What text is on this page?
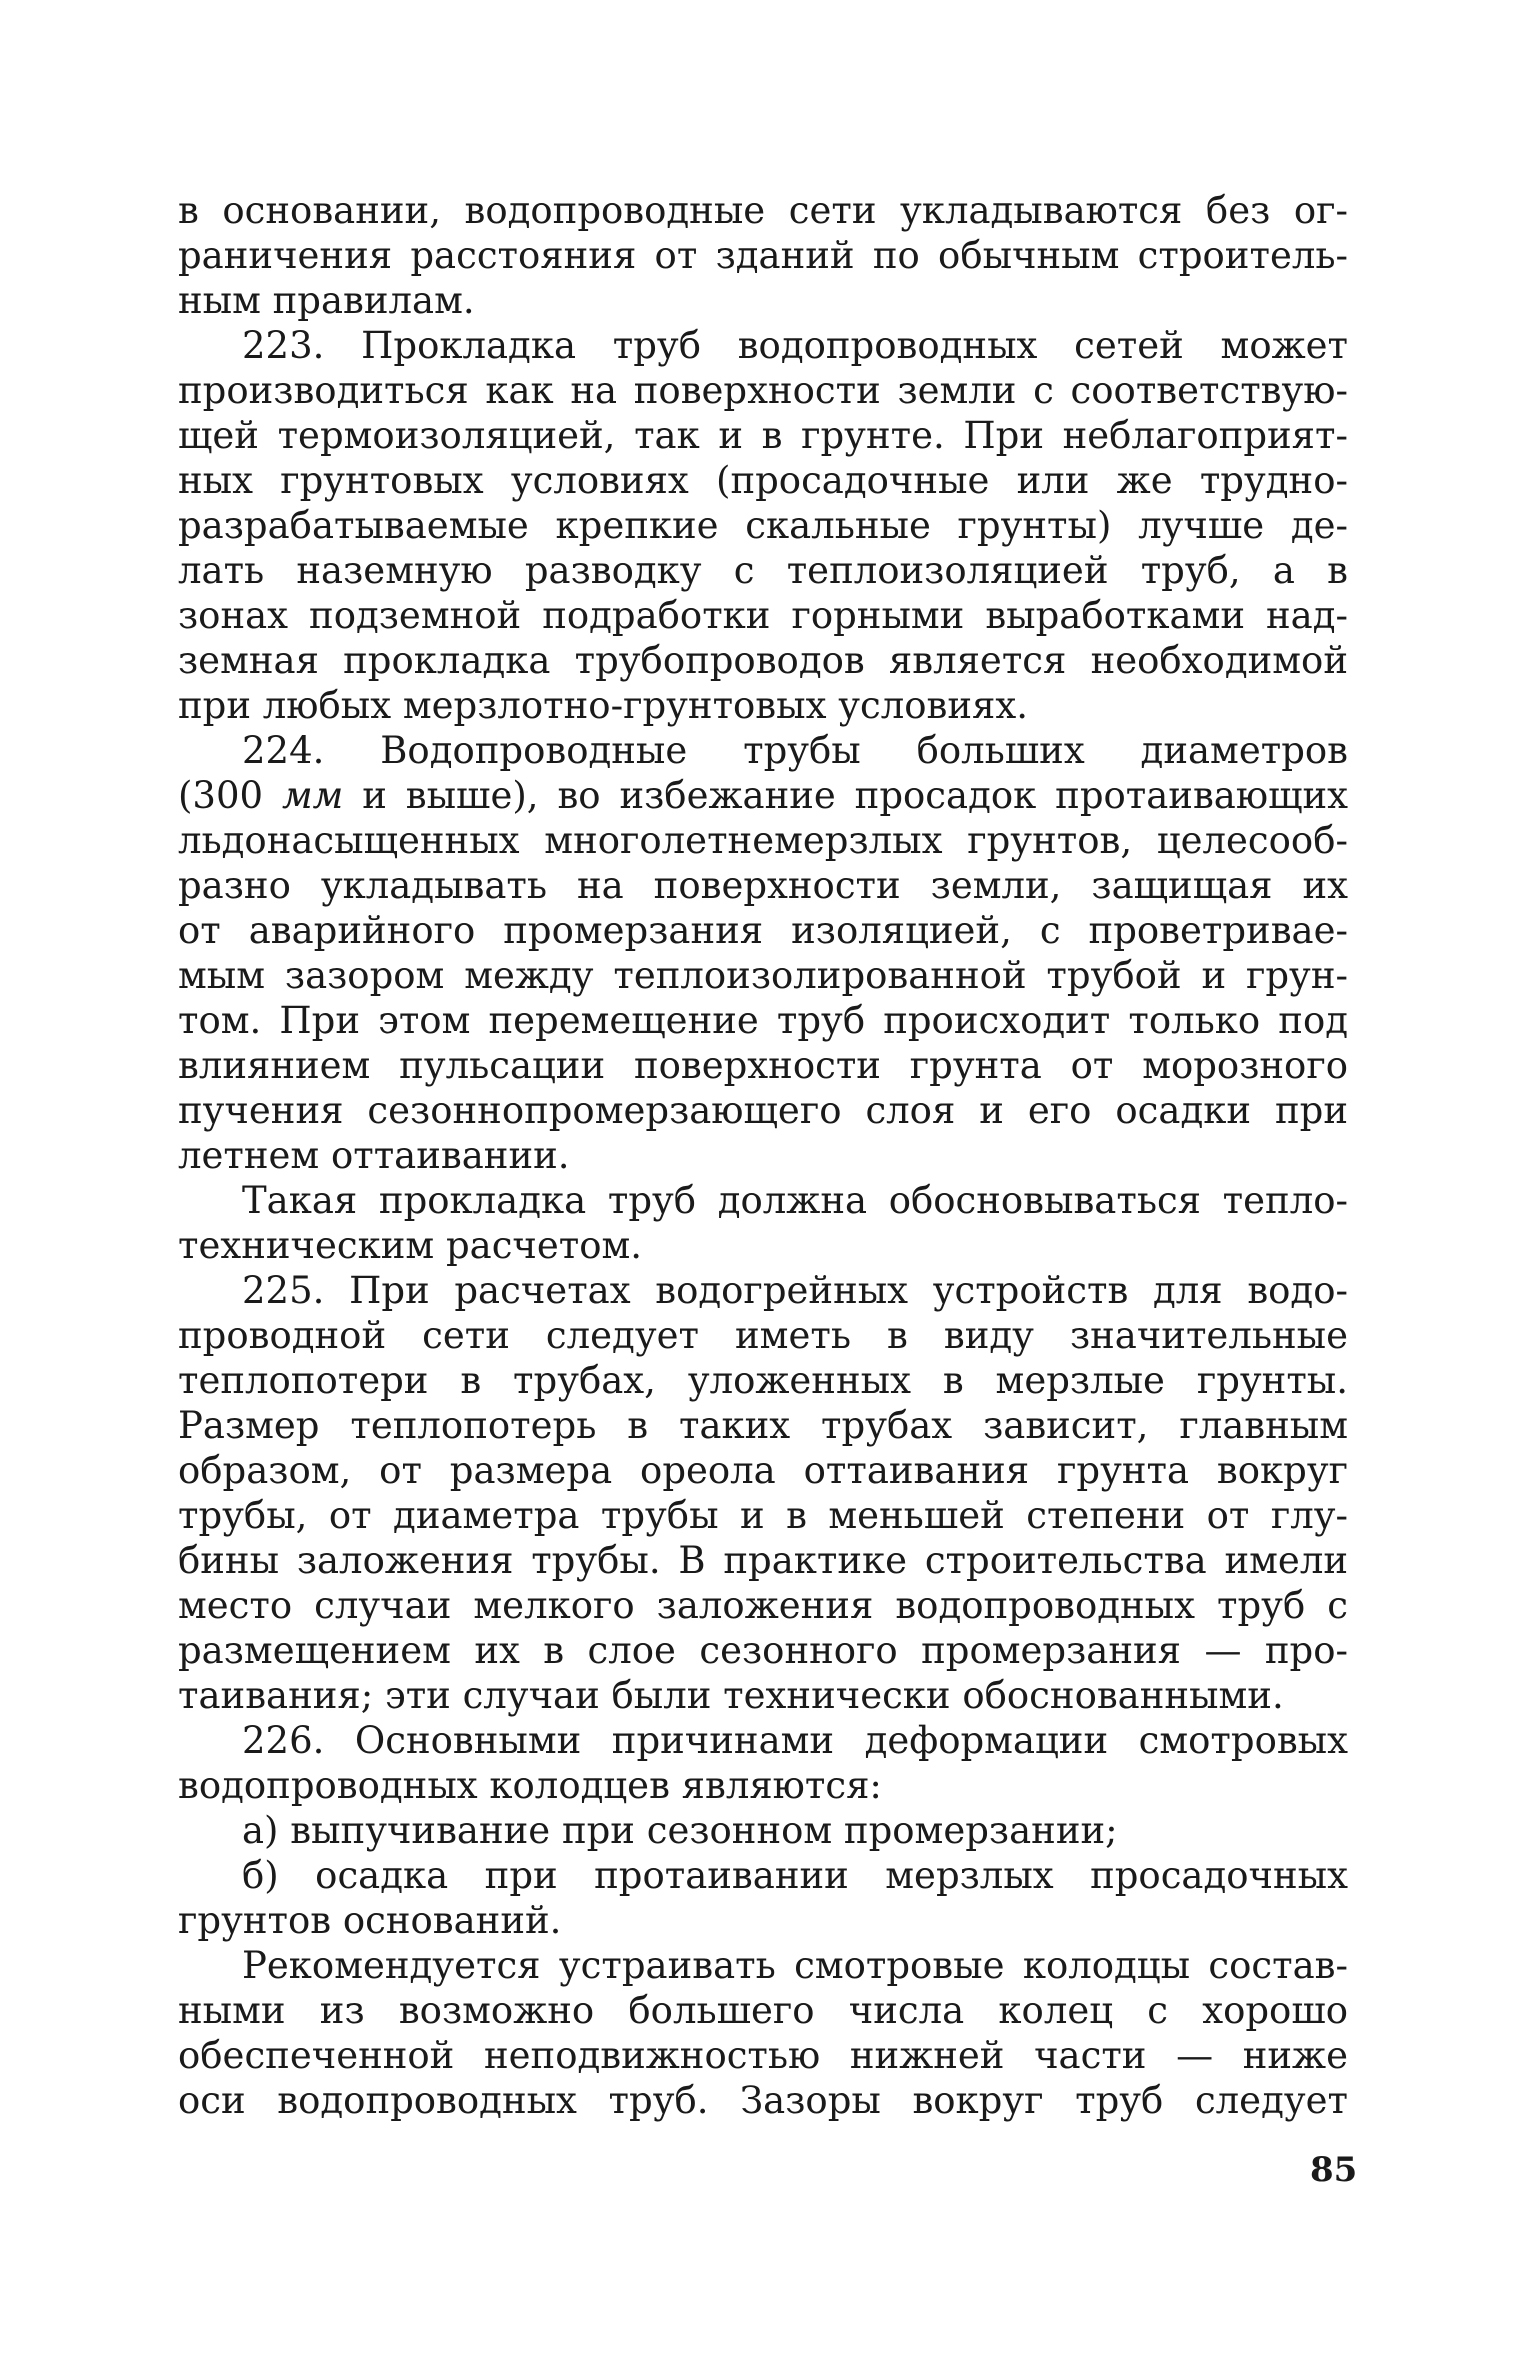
в основании, водопроводные сети укладываются без ог-
раничения расстояния от зданий по обычным строитель-
ным правилам.
223. Прокладка труб водопроводных сетей может
производиться как на поверхности земли с соответствую-
щей термоизоляцией, так и в грунте. При неблагоприят-
ных грунтовых условиях (просадочные или же трудно-
разрабатываемые крепкие скальные грунты) лучше де-
лать наземную разводку с теплоизоляцией труб, а в
зонах подземной подработки горными выработками над-
земная прокладка трубопроводов является необходимой
при любых мерзлотно-грунтовых условиях.
224. Водопроводные трубы больших диаметров
(300 мм и выше), во избежание просадок протаивающих
льдонасыщенных многолетнемерзлых грунтов, целесооб-
разно укладывать на поверхности земли, защищая их
от аварийного промерзания изоляцией, с проветривае-
мым зазором между теплоизолированной трубой и грун-
том. При этом перемещение труб происходит только под
влиянием пульсации поверхности грунта от морозного
пучения сезоннопромерзающего слоя и его осадки при
летнем оттаивании.
Такая прокладка труб должна обосновываться тепло-
техническим расчетом.
225. При расчетах водогрейных устройств для водо-
проводной сети следует иметь в виду значительные
теплопотери в трубах, уложенных в мерзлые грунты.
Размер теплопотерь в таких трубах зависит, главным
образом, от размера ореола оттаивания грунта вокруг
трубы, от диаметра трубы и в меньшей степени от глу-
бины заложения трубы. В практике строительства имели
место случаи мелкого заложения водопроводных труб с
размещением их в слое сезонного промерзания — про-
таивания; эти случаи были технически обоснованными.
226. Основными причинами деформации смотровых
водопроводных колодцев являются:
а) выпучивание при сезонном промерзании;
б) осадка при протаивании мерзлых просадочных
грунтов оснований.
Рекомендуется устраивать смотровые колодцы состав-
ными из возможно большего числа колец с хорошо
обеспеченной неподвижностью нижней части — ниже
оси водопроводных труб. Зазоры вокруг труб следует
85
